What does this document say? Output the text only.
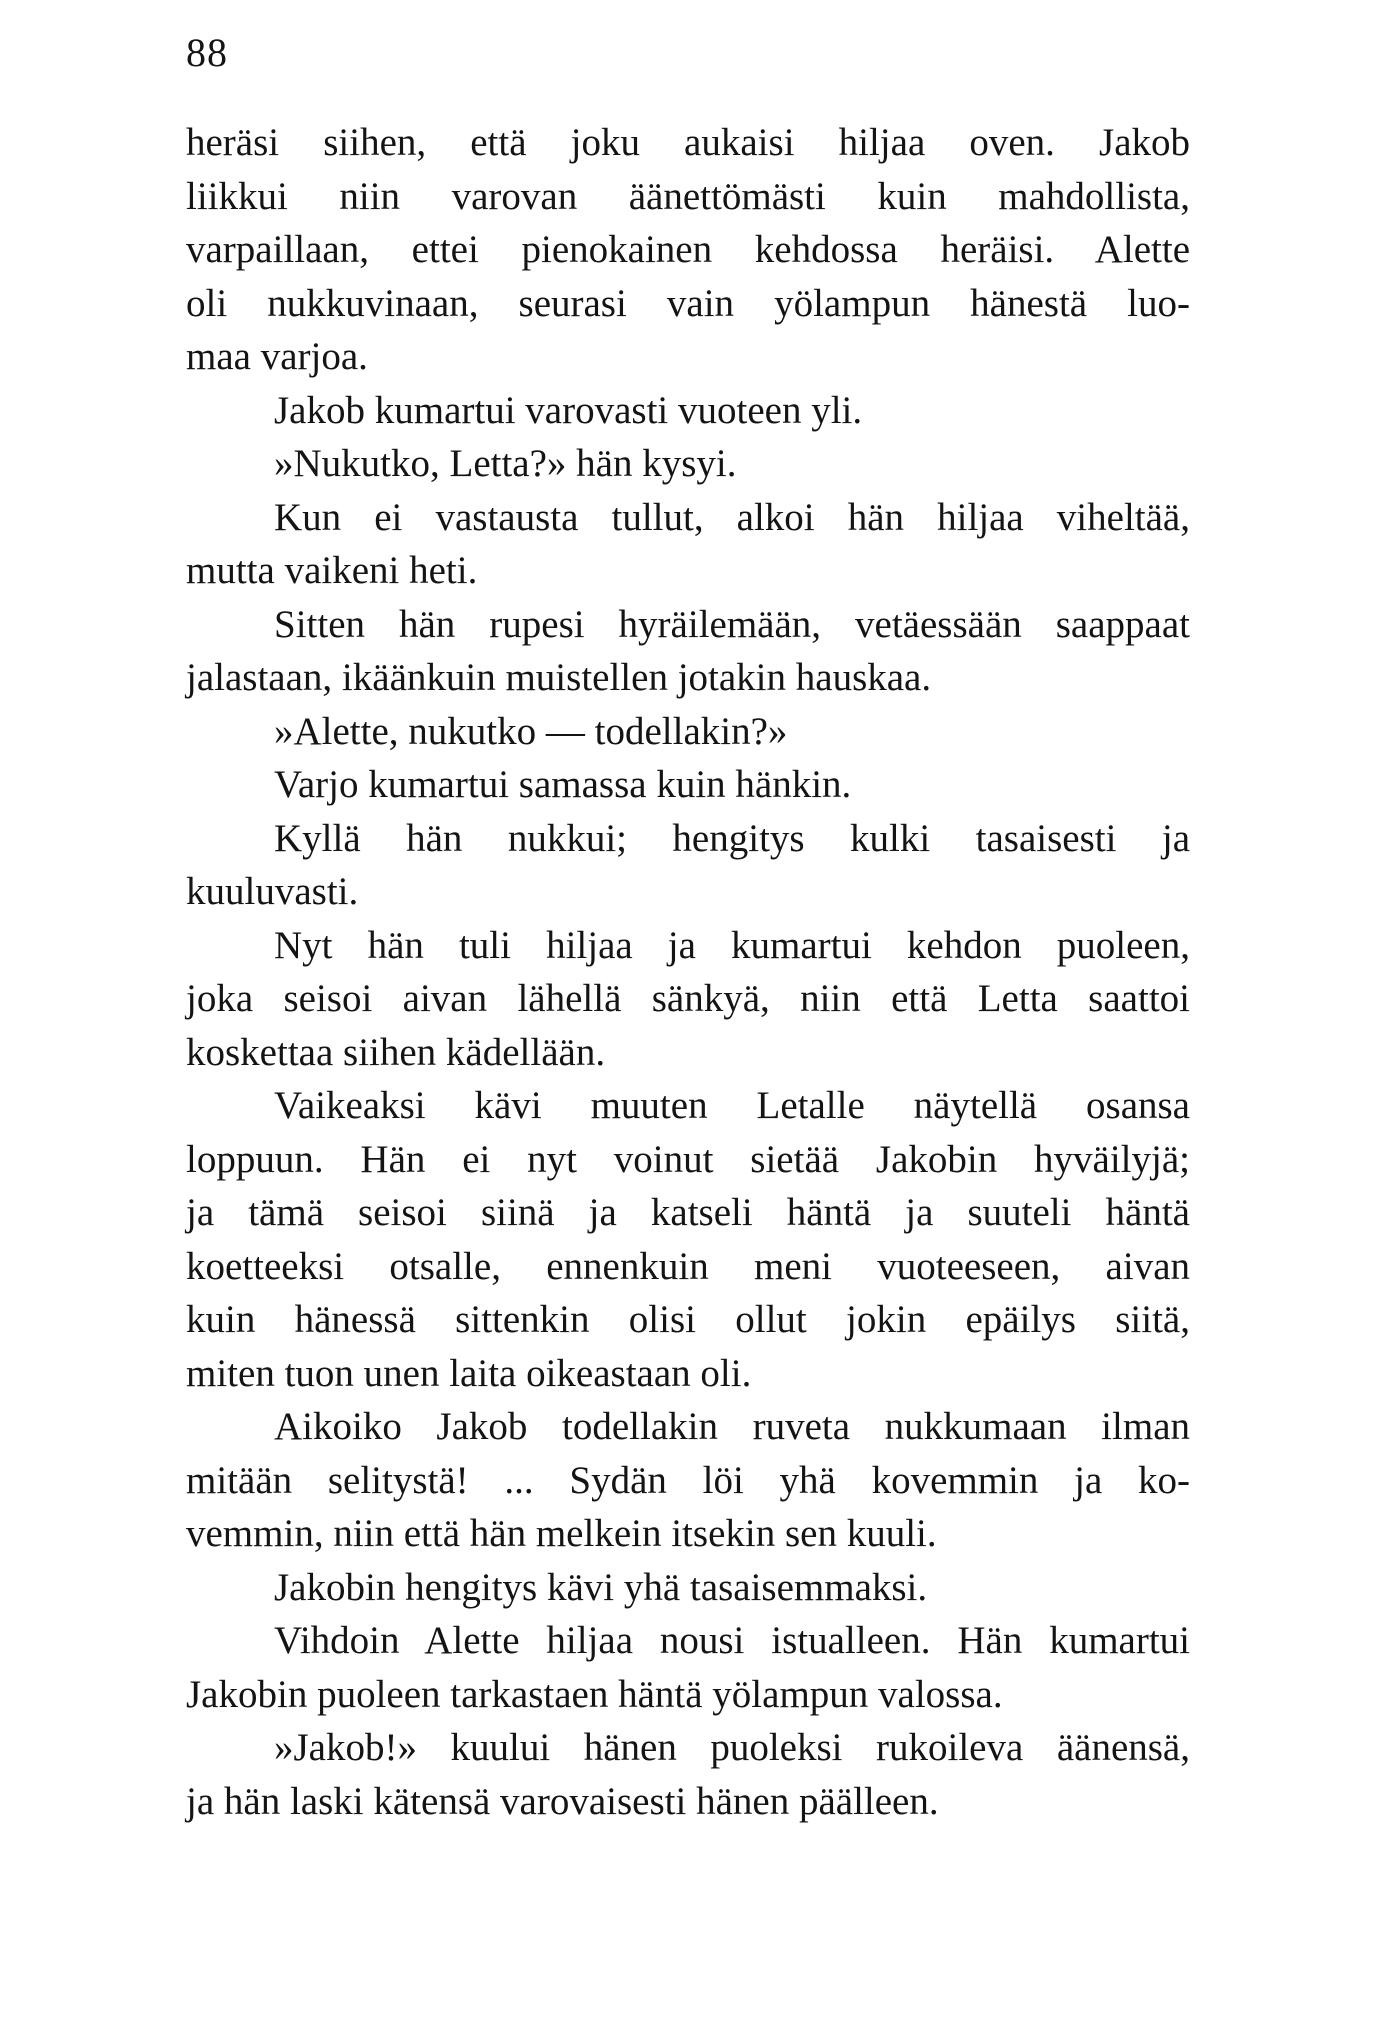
88
heräsi siihen, että joku aukaisi hiljaa oven. Jakob
liikkui niin varovan äänettömästi kuin mahdollista,
varpaillaan, ettei pienokainen kehdossa heräisi. Alette
oli nukkuvinaan, seurasi vain yölampun hänestä luo-
maa varjoa.
Jakob kumartui varovasti vuoteen yli.
»Nukutko, Letta?» hän kysyi.
Kun ei vastausta tullut, alkoi hän hiljaa viheltää,
mutta vaikeni heti.
Sitten hän rupesi hyräilemään, vetäessään saappaat
jalastaan, ikäänkuin muistellen jotakin hauskaa.
»Alette, nukutko — todellakin?»
Varjo kumartui samassa kuin hänkin.
Kyllä hän nukkui; hengitys kulki tasaisesti ja
kuuluvasti.
Nyt hän tuli hiljaa ja kumartui kehdon puoleen,
joka seisoi aivan lähellä sänkyä, niin että Letta saattoi
koskettaa siihen kädellään.
Vaikeaksi kävi muuten Letalle näytellä osansa
loppuun. Hän ei nyt voinut sietää Jakobin hyväilyjä;
ja tämä seisoi siinä ja katseli häntä ja suuteli häntä
koetteeksi otsalle, ennenkuin meni vuoteeseen, aivan
kuin hänessä sittenkin olisi ollut jokin epäilys siitä,
miten tuon unen laita oikeastaan oli.
Aikoiko Jakob todellakin ruveta nukkumaan ilman
mitään selitystä! ... Sydän löi yhä kovemmin ja ko-
vemmin, niin että hän melkein itsekin sen kuuli.
Jakobin hengitys kävi yhä tasaisemmaksi.
Vihdoin Alette hiljaa nousi istualleen. Hän kumartui
Jakobin puoleen tarkastaen häntä yölampun valossa.
»Jakob!» kuului hänen puoleksi rukoileva äänensä,
ja hän laski kätensä varovaisesti hänen päälleen.
